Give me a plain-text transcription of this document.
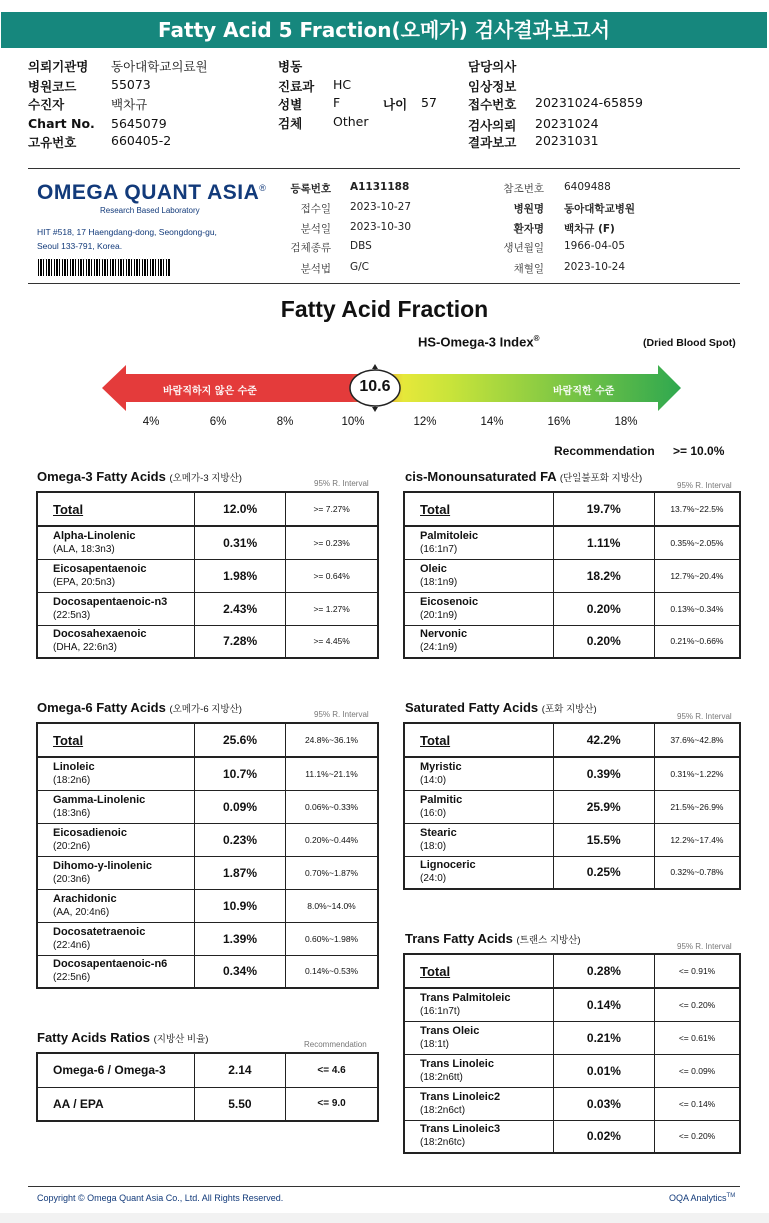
Fatty Acid 5 Fraction(오메가) 검사결과보고서
의뢰기관명 동아대학교의료원
병원코드	55073
수진자	백차규
Chart No. 5645079
고유번호	660405-2
병동
진료과 HC
성별 F	나이 57
검체 Other
담당의사
임상정보
접수번호 20231024-65859
검사의뢰 20231024
결과보고 20231031
OMEGA QUANT ASIA®
Research Based Laboratory
HIT #518, 17 Haengdang-dong, Seongdong-gu,
Seoul 133-791, Korea.
등록번호 A1131188
접수일 2023-10-27
분석일 2023-10-30
검체종류 DBS
분석법 G/C
참조번호 6409488
병원명 동아대학교병원
환자명 백차규 (F)
생년월일 1966-04-05
채혈일 2023-10-24
Fatty Acid Fraction
HS-Omega-3 Index®	(Dried Blood Spot)
바람직하지 않은 수준	바람직한 수준
10.6
4%	6%	8%	10%	12%	14%	16%	18%
Recommendation >= 10.0%
Omega-3 Fatty Acids (오메가-3 지방산)	95% R. Interval
Total	12.0%	>= 7.27%

Alpha-Linolenic
(ALA, 18:3n3)	0.31%	>= 0.23%

Eicosapentaenoic
(EPA, 20:5n3)	1.98%	>= 0.64%

Docosapentaenoic-n3
(22:5n3)	2.43%	>= 1.27%

Docosahexaenoic
(DHA, 22:6n3)	7.28%	>= 4.45%
cis-Monounsaturated FA (단일불포화 지방산)
95% R. Interval
Total	19.7%	13.7%~22.5%

Palmitoleic
(16:1n7)	1.11%	0.35%~2.05%

Oleic
(18:1n9)	18.2%	12.7%~20.4%

Eicosenoic
(20:1n9)	0.20%	0.13%~0.34%

Nervonic
(24:1n9)	0.20%	0.21%~0.66%
Omega-6 Fatty Acids (오메가-6 지방산)	95% R. Interval
Total	25.6%	24.8%~36.1%

Linoleic
(18:2n6)	10.7%	11.1%~21.1%

Gamma-Linolenic
(18:3n6)	0.09%	0.06%~0.33%

Eicosadienoic
(20:2n6)	0.23%	0.20%~0.44%

Dihomo-y-linolenic
(20:3n6)	1.87%	0.70%~1.87%

Arachidonic
(AA, 20:4n6)	10.9%	8.0%~14.0%

Docosatetraenoic
(22:4n6)	1.39%	0.60%~1.98%

Docosapentaenoic-n6
(22:5n6)	0.34%	0.14%~0.53%
Saturated Fatty Acids (포화 지방산)
95% R. Interval
Total	42.2%	37.6%~42.8%

Myristic
(14:0)	0.39%	0.31%~1.22%

Palmitic
(16:0)	25.9%	21.5%~26.9%

Stearic
(18:0)	15.5%	12.2%~17.4%

Lignoceric
(24:0)	0.25%	0.32%~0.78%
Trans Fatty Acids (트랜스 지방산)
95% R. Interval
Total	0.28%	<= 0.91%

Trans Palmitoleic
(16:1n7t)	0.14%	<= 0.20%

Trans Oleic
(18:1t)	0.21%	<= 0.61%

Trans Linoleic
(18:2n6tt)	0.01%	<= 0.09%

Trans Linoleic2
(18:2n6ct)	0.03%	<= 0.14%

Trans Linoleic3
(18:2n6tc)	0.02%	<= 0.20%
Fatty Acids Ratios (지방산 비율)	Recommendation
Omega-6 / Omega-3	2.14	<= 4.6
AA / EPA	5.50	<= 9.0
Copyright © Omega Quant Asia Co., Ltd. All Rights Reserved.	OQA Analytics™
